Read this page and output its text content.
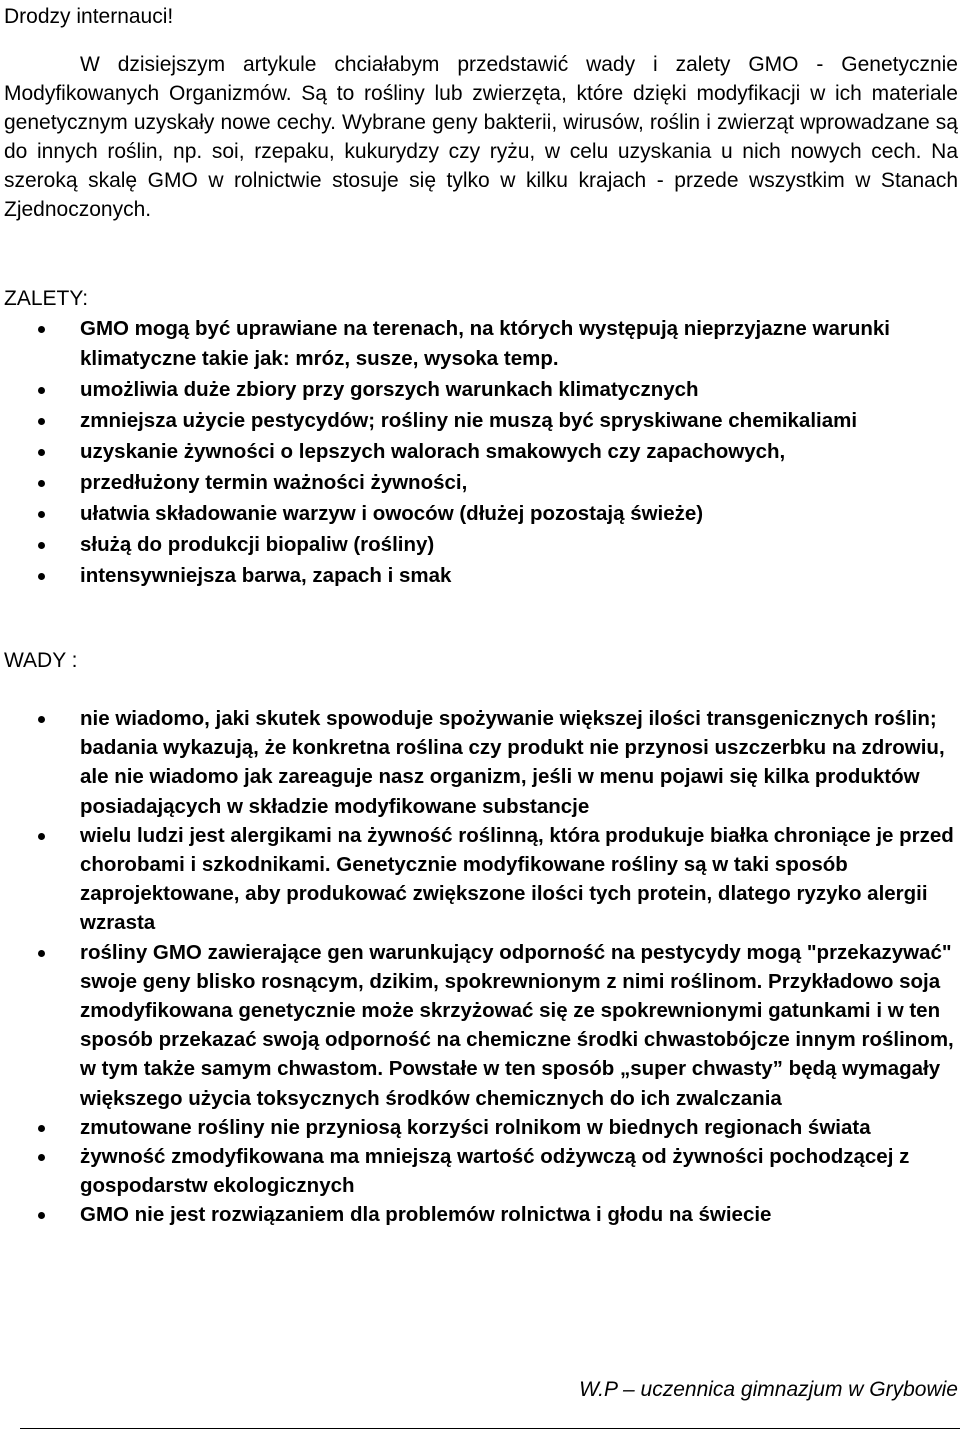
Drodzy internauci!

W dzisiejszym artykule chciałabym przedstawić wady i zalety GMO - Genetycznie Modyfikowanych Organizmów. Są to rośliny lub zwierzęta, które dzięki modyfikacji w ich materiale genetycznym uzyskały nowe cechy. Wybrane geny bakterii, wirusów, roślin i zwierząt wprowadzane są do innych roślin, np. soi, rzepaku, kukurydzy czy ryżu, w celu uzyskania u nich nowych cech. Na szeroką skalę GMO w rolnictwie stosuje się tylko w kilku krajach - przede wszystkim w Stanach Zjednoczonych.

ZALETY:
GMO mogą być uprawiane na terenach, na których występują nieprzyjazne warunki klimatyczne takie jak: mróz, susze, wysoka temp.
umożliwia duże zbiory przy gorszych warunkach klimatycznych
zmniejsza użycie pestycydów; rośliny nie muszą być spryskiwane chemikaliami
uzyskanie żywności o lepszych walorach smakowych czy zapachowych,
przedłużony termin ważności żywności,
ułatwia składowanie warzyw i owoców (dłużej pozostają świeże)
służą do produkcji biopaliw (rośliny)
intensywniejsza barwa, zapach i smak
WADY :
nie wiadomo, jaki skutek spowoduje spożywanie większej ilości transgenicznych roślin; badania wykazują, że konkretna roślina czy produkt nie przynosi uszczerbku na zdrowiu, ale nie wiadomo jak zareaguje nasz organizm, jeśli w menu pojawi się kilka produktów posiadających w składzie modyfikowane substancje
wielu ludzi jest alergikami na żywność roślinną, która produkuje białka chroniące je przed chorobami i szkodnikami. Genetycznie modyfikowane rośliny są w taki sposób zaprojektowane, aby produkować zwiększone ilości tych protein, dlatego ryzyko alergii wzrasta
rośliny GMO zawierające gen warunkujący odporność na pestycydy mogą "przekazywać" swoje geny blisko rosnącym, dzikim, spokrewnionym z nimi roślinom. Przykładowo soja zmodyfikowana genetycznie może skrzyżować się ze spokrewnionymi gatunkami i w ten sposób przekazać swoją odporność na chemiczne środki chwastobójcze innym roślinom, w tym także samym chwastom. Powstałe w ten sposób „super chwasty” będą wymagały większego użycia toksycznych środków chemicznych do ich zwalczania
zmutowane rośliny nie przyniosą korzyści rolnikom w biednych regionach świata
żywność zmodyfikowana ma mniejszą wartość odżywczą od żywności pochodzącej z gospodarstw ekologicznych
GMO nie jest rozwiązaniem dla problemów rolnictwa i głodu na świecie
W.P – uczennica gimnazjum w Grybowie
